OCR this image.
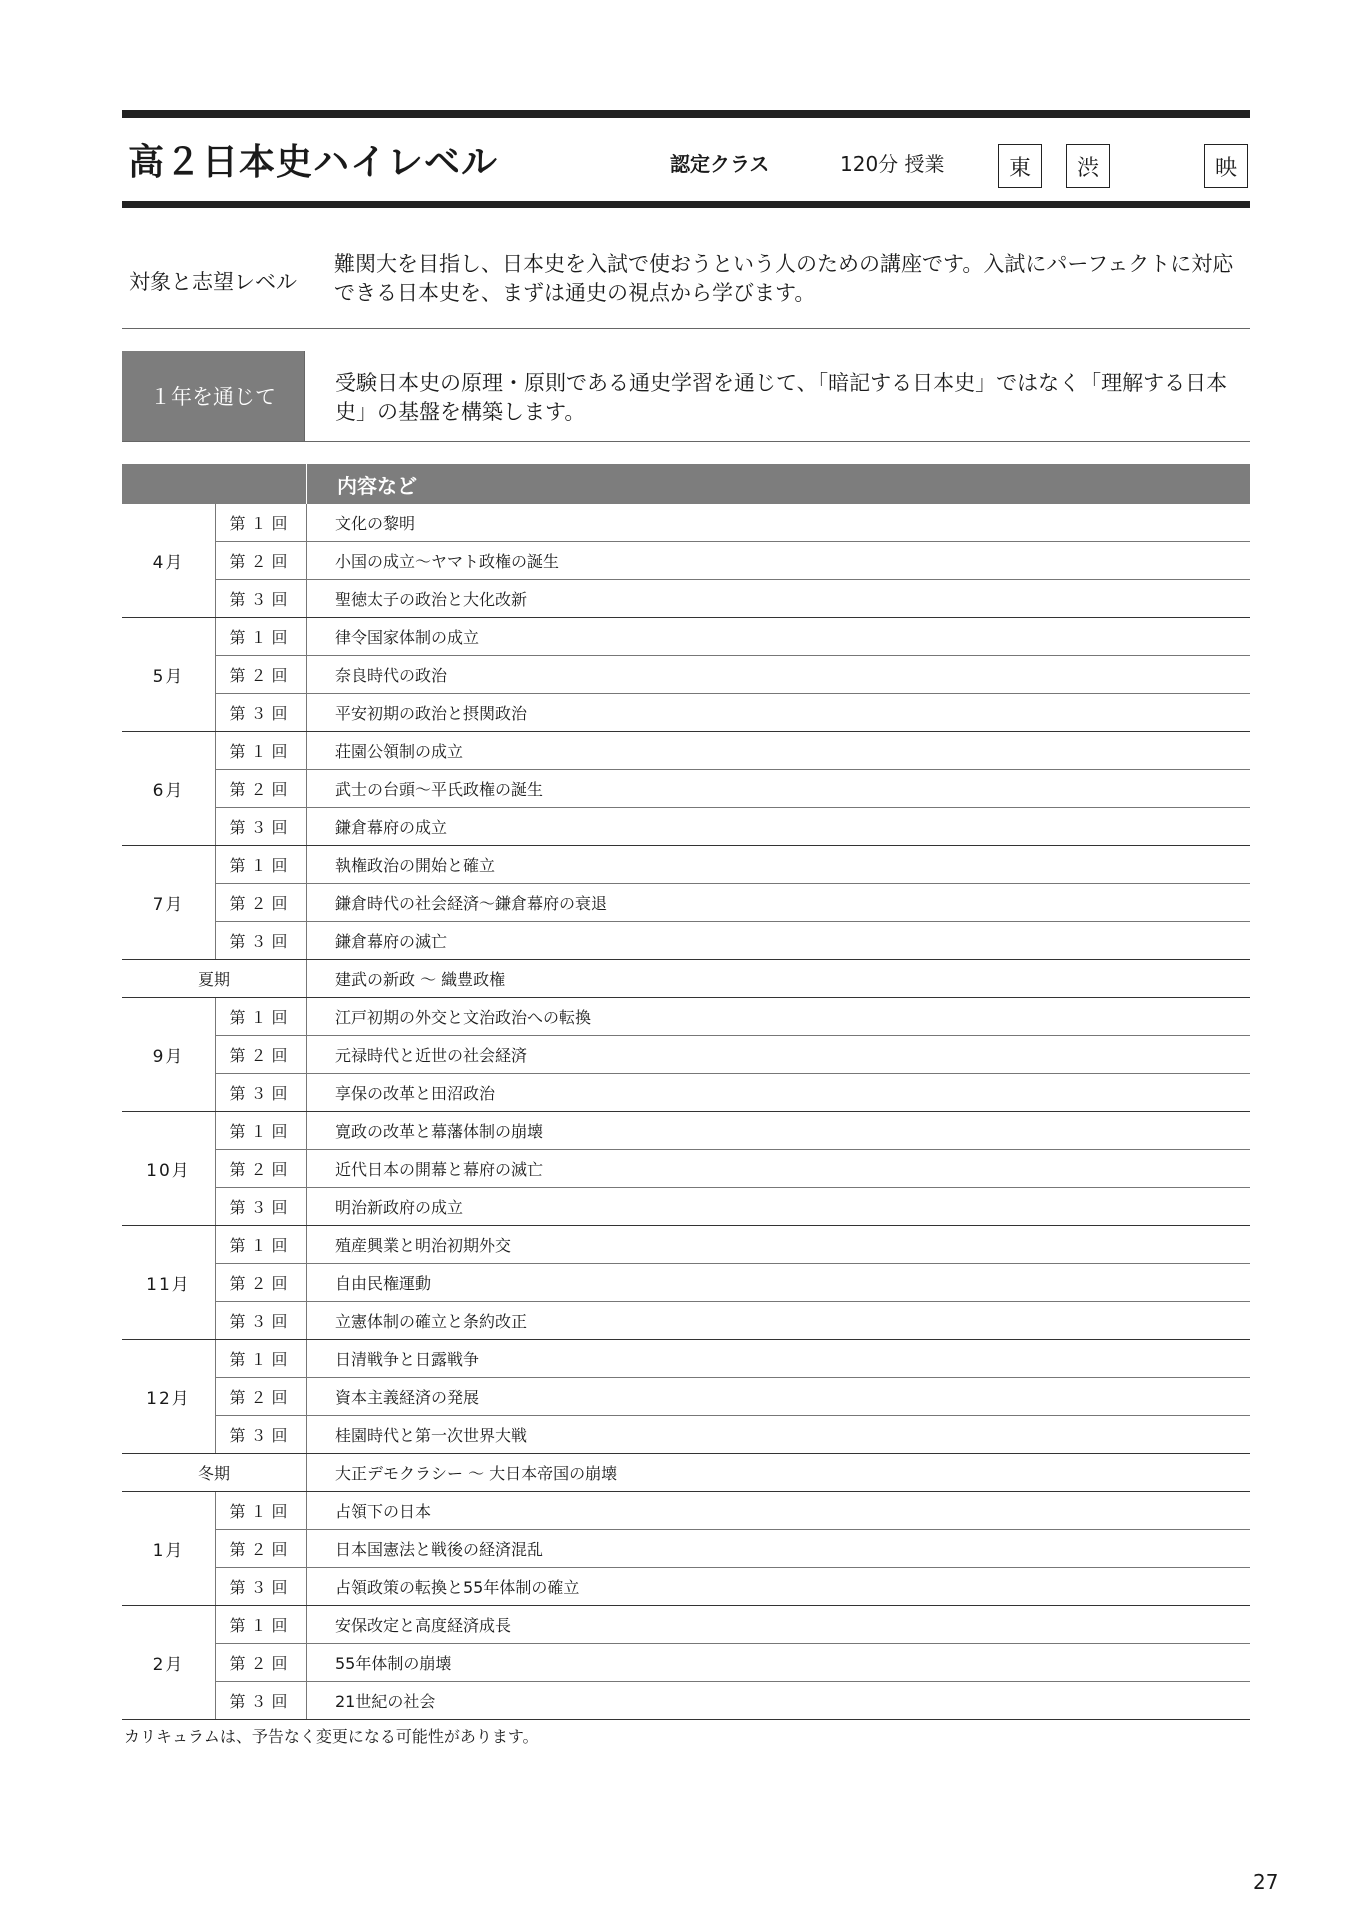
高２日本史ハイレベル	認定クラス	120分 授業	東	渋	映
対象と志望レベル
難関大を目指し、日本史を入試で使おうという人のための講座です。入試にパーフェクトに対応できる日本史を、まずは通史の視点から学びます。
１年を通じて
受験日本史の原理・原則である通史学習を通じて、「暗記する日本史」ではなく「理解する日本史」の基盤を構築します。
		内容など
4月	第１回	文化の黎明
	第２回	小国の成立～ヤマト政権の誕生
	第３回	聖徳太子の政治と大化改新
5月	第１回	律令国家体制の成立
	第２回	奈良時代の政治
	第３回	平安初期の政治と摂関政治
6月	第１回	荘園公領制の成立
	第２回	武士の台頭～平氏政権の誕生
	第３回	鎌倉幕府の成立
7月	第１回	執権政治の開始と確立
	第２回	鎌倉時代の社会経済～鎌倉幕府の衰退
	第３回	鎌倉幕府の滅亡
夏期		建武の新政 ～ 織豊政権
9月	第１回	江戸初期の外交と文治政治への転換
	第２回	元禄時代と近世の社会経済
	第３回	享保の改革と田沼政治
10月	第１回	寛政の改革と幕藩体制の崩壊
	第２回	近代日本の開幕と幕府の滅亡
	第３回	明治新政府の成立
11月	第１回	殖産興業と明治初期外交
	第２回	自由民権運動
	第３回	立憲体制の確立と条約改正
12月	第１回	日清戦争と日露戦争
	第２回	資本主義経済の発展
	第３回	桂園時代と第一次世界大戦
冬期		大正デモクラシー ～ 大日本帝国の崩壊
1月	第１回	占領下の日本
	第２回	日本国憲法と戦後の経済混乱
	第３回	占領政策の転換と55年体制の確立
2月	第１回	安保改定と高度経済成長
	第２回	55年体制の崩壊
	第３回	21世紀の社会
カリキュラムは、予告なく変更になる可能性があります。
27
